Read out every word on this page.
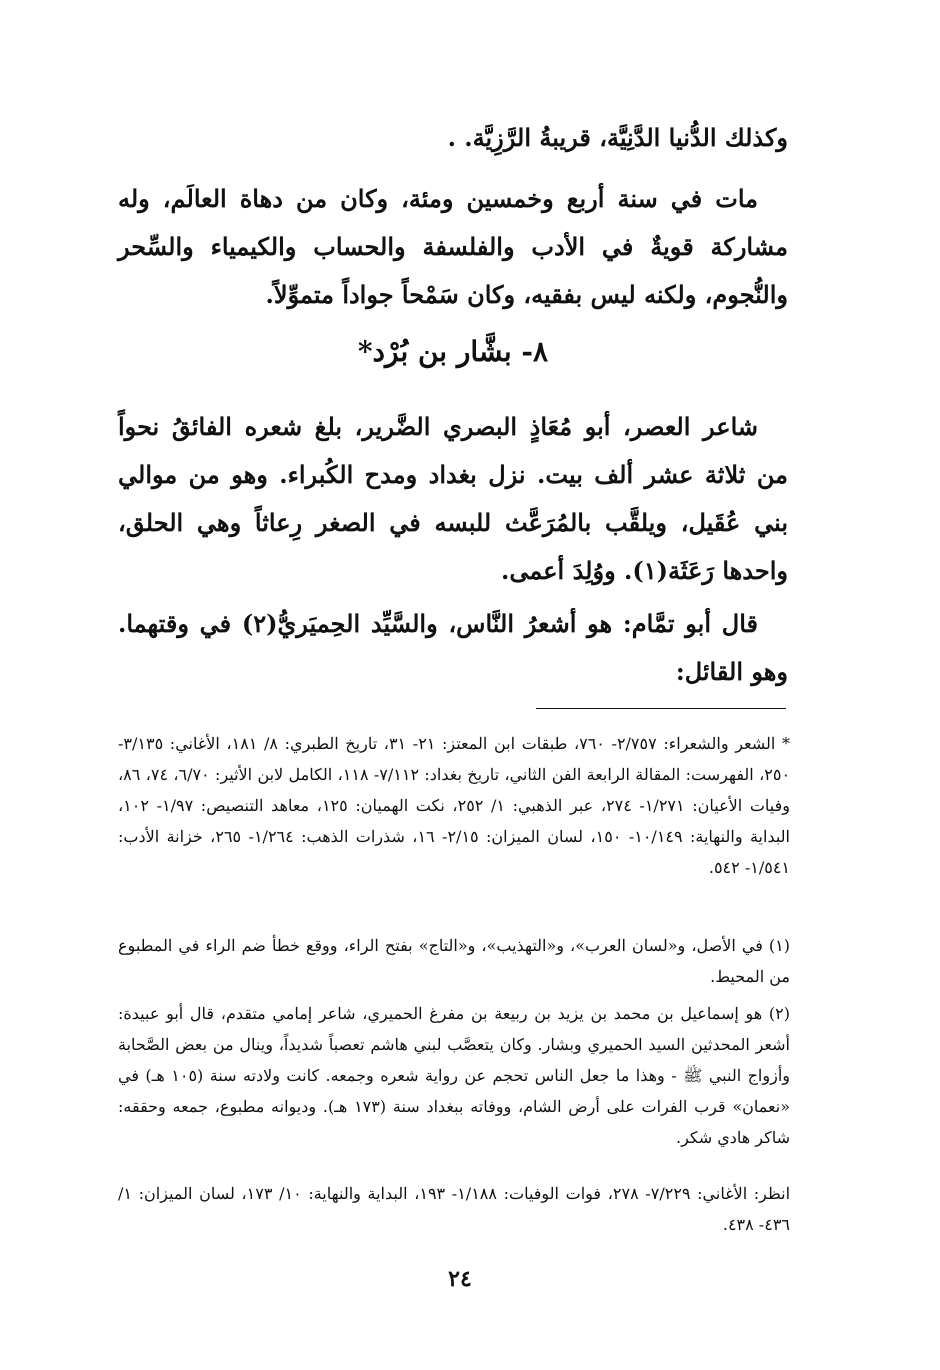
وكذلك الدُّنيا الدَّنِيَّة، قريبةُ الرَّزِيَّة. .
مات في سنة أربع وخمسين ومئة، وكان من دهاة العالَم، وله مشاركة قويةٌ في الأدب والفلسفة والحساب والكيمياء والسِّحر والنُّجوم، ولكنه ليس بفقيه، وكان سَمْحاً جواداً متموِّلاً.
٨- بشَّار بن بُرْد*
شاعر العصر، أبو مُعَاذٍ البصري الضَّرير، بلغ شعره الفائقُ نحواً من ثلاثة عشر ألف بيت. نزل بغداد ومدح الكُبراء. وهو من موالي بني عُقَيل، ويلقَّب بالمُرَعَّث للبسه في الصغر رِعاثاً وهي الحلق، واحدها رَعَثَة(١). ووُلِدَ أعمى.
قال أبو تمَّام: هو أشعرُ النَّاس، والسَّيِّد الحِميَريُّ(٢) في وقتهما. وهو القائل:
* الشعر والشعراء: ٢/٧٥٧- ٧٦٠، طبقات ابن المعتز: ٢١- ٣١، تاريخ الطبري: ٨/ ١٨١، الأغاني: ٣/١٣٥- ٢٥٠، الفهرست: المقالة الرابعة الفن الثاني، تاريخ بغداد: ٧/١١٢- ١١٨، الكامل لابن الأثير: ٦/٧٠، ٧٤، ٨٦، وفيات الأعيان: ١/٢٧١- ٢٧٤، عبر الذهبي: ١/ ٢٥٢، نكت الهميان: ١٢٥، معاهد التنصيص: ١/٩٧- ١٠٢، البداية والنهاية: ١٠/١٤٩- ١٥٠، لسان الميزان: ٢/١٥- ١٦، شذرات الذهب: ١/٢٦٤- ٢٦٥، خزانة الأدب: ١/٥٤١- ٥٤٢.
(١) في الأصل، و«لسان العرب»، و«التهذيب»، و«التاج» بفتح الراء، ووقع خطأ ضم الراء في المطبوع من المحيط.
(٢) هو إسماعيل بن محمد بن يزيد بن ربيعة بن مفرغ الحميري، شاعر إمامي متقدم، قال أبو عبيدة: أشعر المحدثين السيد الحميري وبشار. وكان يتعصَّب لبني هاشم تعصباً شديداً، وينال من بعض الصَّحابة وأزواج النبي ﷺ - وهذا ما جعل الناس تحجم عن رواية شعره وجمعه. كانت ولادته سنة (١٠٥ هـ) في «نعمان» قرب الفرات على أرض الشام، ووفاته ببغداد سنة (١٧٣ هـ). وديوانه مطبوع، جمعه وحققه: شاكر هادي شكر.
انظر: الأغاني: ٧/٢٢٩- ٢٧٨، فوات الوفيات: ١/١٨٨- ١٩٣، البداية والنهاية: ١٠/ ١٧٣، لسان الميزان: ١/ ٤٣٦- ٤٣٨.
٢٤
